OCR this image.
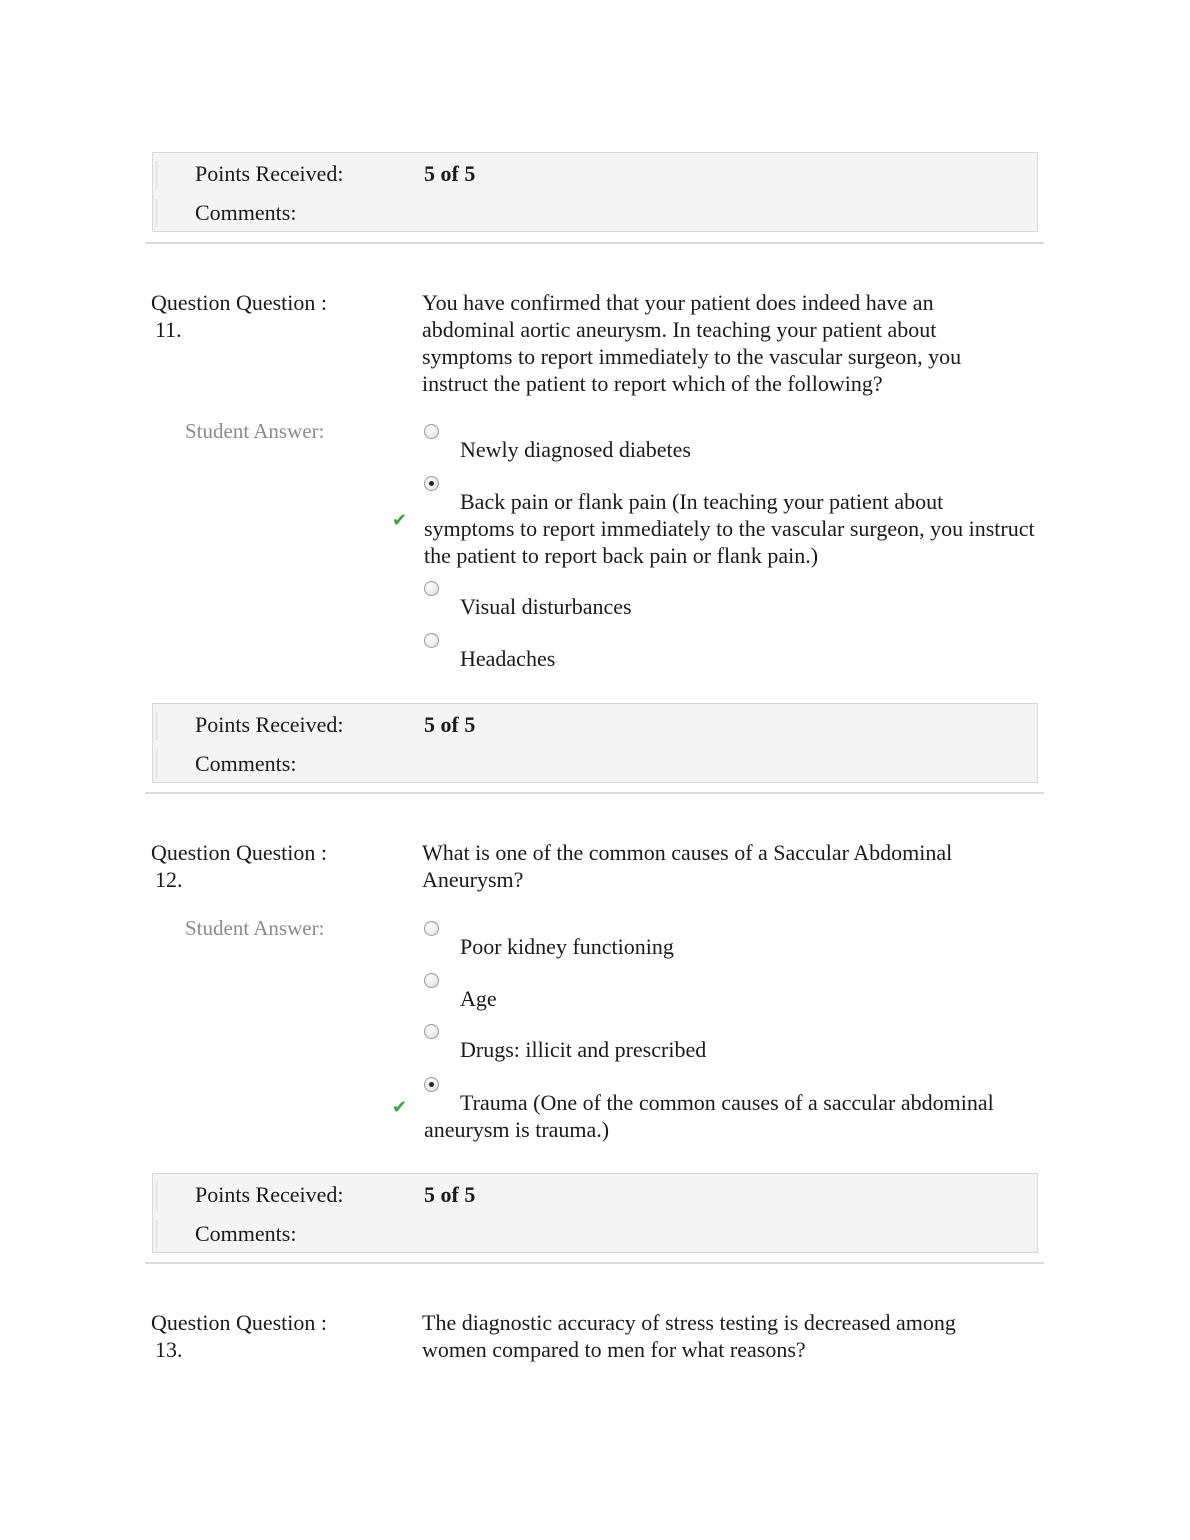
Points Received:	5 of 5
Comments:
Question Question :
11.
You have confirmed that your patient does indeed have an abdominal aortic aneurysm. In teaching your patient about symptoms to report immediately to the vascular surgeon, you instruct the patient to report which of the following?
Student Answer:
Newly diagnosed diabetes
Back pain or flank pain (In teaching your patient about symptoms to report immediately to the vascular surgeon, you instruct the patient to report back pain or flank pain.)
✔
Visual disturbances
Headaches
Points Received:	5 of 5
Comments:
Question Question :
12.
What is one of the common causes of a Saccular Abdominal Aneurysm?
Student Answer:
Poor kidney functioning
Age
Drugs: illicit and prescribed
Trauma (One of the common causes of a saccular abdominal aneurysm is trauma.)
✔
Points Received:	5 of 5
Comments:
Question Question :
13.
The diagnostic accuracy of stress testing is decreased among women compared to men for what reasons?
